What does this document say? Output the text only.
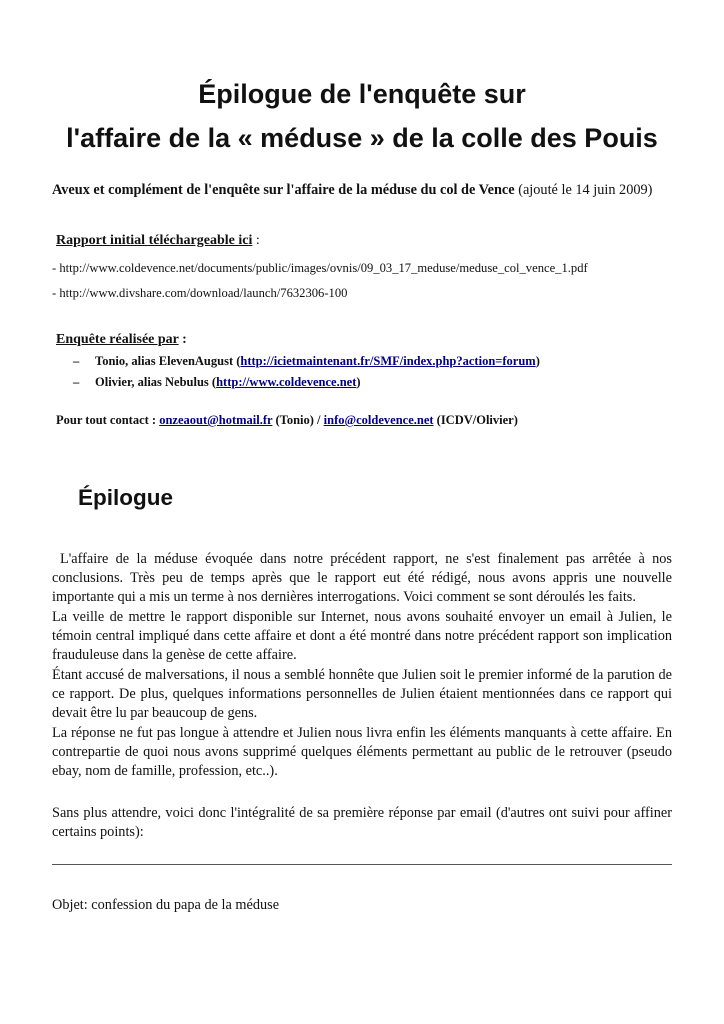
Épilogue de l'enquête sur
l'affaire de la « méduse » de la colle des Pouis
Aveux et complément de l'enquête sur l'affaire de la méduse du col de Vence (ajouté le 14 juin 2009)
Rapport initial téléchargeable ici :
- http://www.coldevence.net/documents/public/images/ovnis/09_03_17_meduse/meduse_col_vence_1.pdf
- http://www.divshare.com/download/launch/7632306-100
Enquête réalisée par :
– Tonio, alias ElevenAugust (http://icietmaintenant.fr/SMF/index.php?action=forum)
– Olivier, alias Nebulus (http://www.coldevence.net)
Pour tout contact : onzeaout@hotmail.fr (Tonio) / info@coldevence.net (ICDV/Olivier)
Épilogue

L'affaire de la méduse évoquée dans notre précédent rapport, ne s'est finalement pas arrêtée à nos conclusions. Très peu de temps après que le rapport eut été rédigé, nous avons appris une nouvelle importante qui a mis un terme à nos dernières interrogations. Voici comment se sont déroulés les faits.

La veille de mettre le rapport disponible sur Internet, nous avons souhaité envoyer un email à Julien, le témoin central impliqué dans cette affaire et dont a été montré dans notre précédent rapport son implication frauduleuse dans la genèse de cette affaire.

Étant accusé de malversations, il nous a semblé honnête que Julien soit le premier informé de la parution de ce rapport. De plus, quelques informations personnelles de Julien étaient mentionnées dans ce rapport qui devait être lu par beaucoup de gens.

La réponse ne fut pas longue à attendre et Julien nous livra enfin les éléments manquants à cette affaire. En contrepartie de quoi nous avons supprimé quelques éléments permettant au public de le retrouver (pseudo ebay, nom de famille, profession, etc..).

Sans plus attendre, voici donc l'intégralité de sa première réponse par email (d'autres ont suivi pour affiner certains points):

Objet: confession du papa de la méduse
